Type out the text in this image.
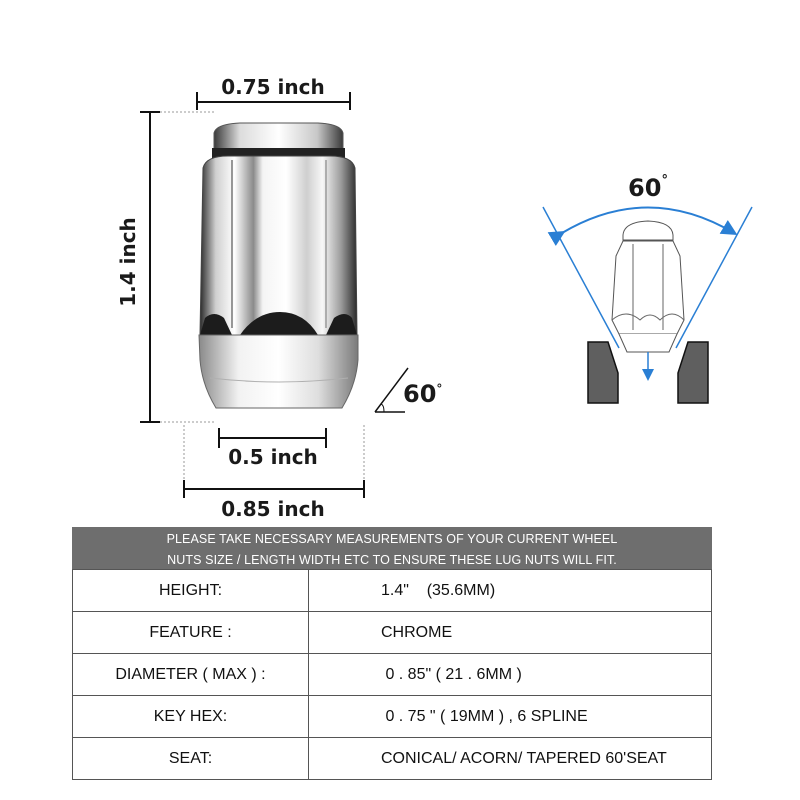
0.75 inch
1.4 inch
0.5 inch
0.85 inch
60°
60°
PLEASE TAKE NECESSARY MEASUREMENTS OF YOUR CURRENT WHEEL
NUTS SIZE / LENGTH WIDTH ETC TO ENSURE THESE LUG NUTS WILL FIT.
HEIGHT:	1.4"    (35.6MM)
FEATURE :	CHROME
DIAMETER ( MAX ) :	0 . 85" ( 21 . 6MM )
KEY HEX:	0 . 75 " ( 19MM ) , 6 SPLINE
SEAT:	CONICAL/ ACORN/ TAPERED 60'SEAT
